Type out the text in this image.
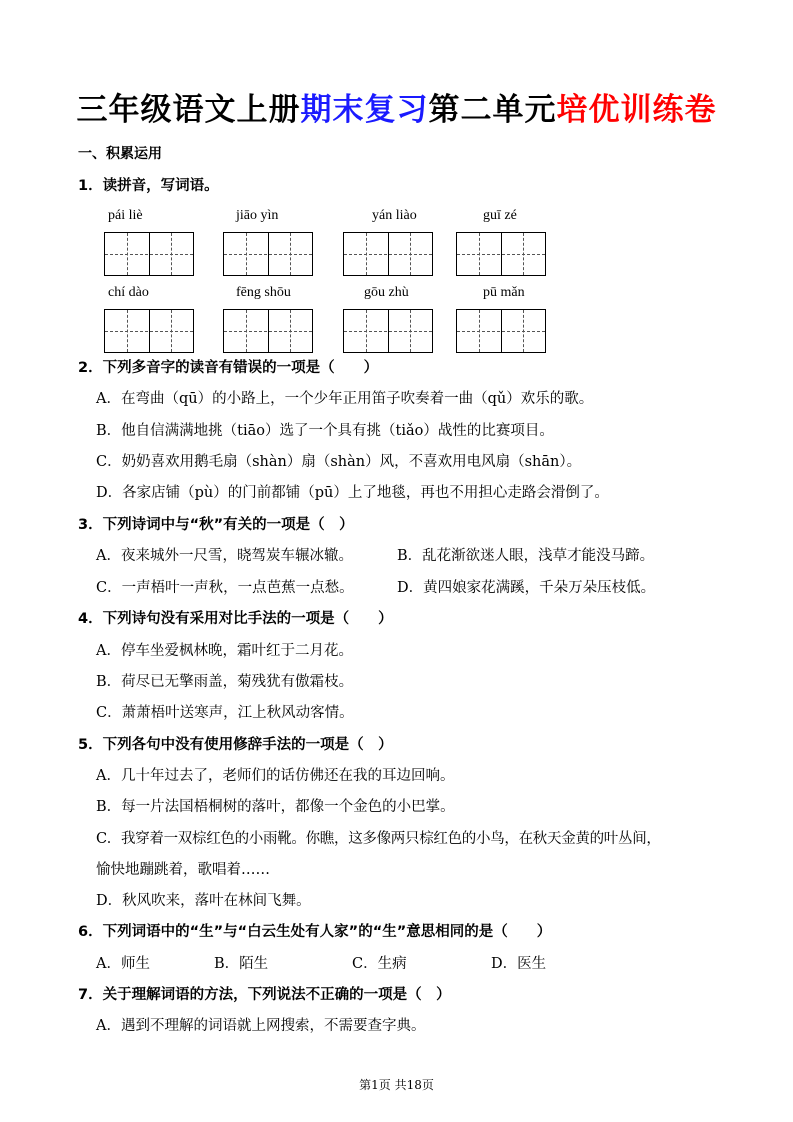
三年级语文上册期末复习第二单元培优训练卷
一、积累运用
1．读拼音，写词语。
pái liè	jiāo yìn	yán liào	guī zé
chí dào	fēng shōu	gōu zhù	pū mǎn
2．下列多音字的读音有错误的一项是（　　）
A．在弯曲（qū）的小路上，一个少年正用笛子吹奏着一曲（qǔ）欢乐的歌。
B．他自信满满地挑（tiāo）选了一个具有挑（tiǎo）战性的比赛项目。
C．奶奶喜欢用鹅毛扇（shàn）扇（shàn）风，不喜欢用电风扇（shān）。
D．各家店铺（pù）的门前都铺（pū）上了地毯，再也不用担心走路会滑倒了。
3．下列诗词中与“秋”有关的一项是（　）
A．夜来城外一尺雪，晓驾炭车辗冰辙。	B．乱花渐欲迷人眼，浅草才能没马蹄。
C．一声梧叶一声秋，一点芭蕉一点愁。	D．黄四娘家花满蹊，千朵万朵压枝低。
4．下列诗句没有采用对比手法的一项是（　　）
A．停车坐爱枫林晚，霜叶红于二月花。
B．荷尽已无擎雨盖，菊残犹有傲霜枝。
C．萧萧梧叶送寒声，江上秋风动客情。
5．下列各句中没有使用修辞手法的一项是（　）
A．几十年过去了，老师们的话仿佛还在我的耳边回响。
B．每一片法国梧桐树的落叶，都像一个金色的小巴掌。
C．我穿着一双棕红色的小雨靴。你瞧，这多像两只棕红色的小鸟，在秋天金黄的叶丛间，
愉快地蹦跳着，歌唱着……
D．秋风吹来，落叶在林间飞舞。
6．下列词语中的“生”与“白云生处有人家”的“生”意思相同的是（　　）
A．师生	B．陌生	C．生病	D．医生
7．关于理解词语的方法，下列说法不正确的一项是（　）
A．遇到不理解的词语就上网搜索，不需要查字典。
第1页 共18页
